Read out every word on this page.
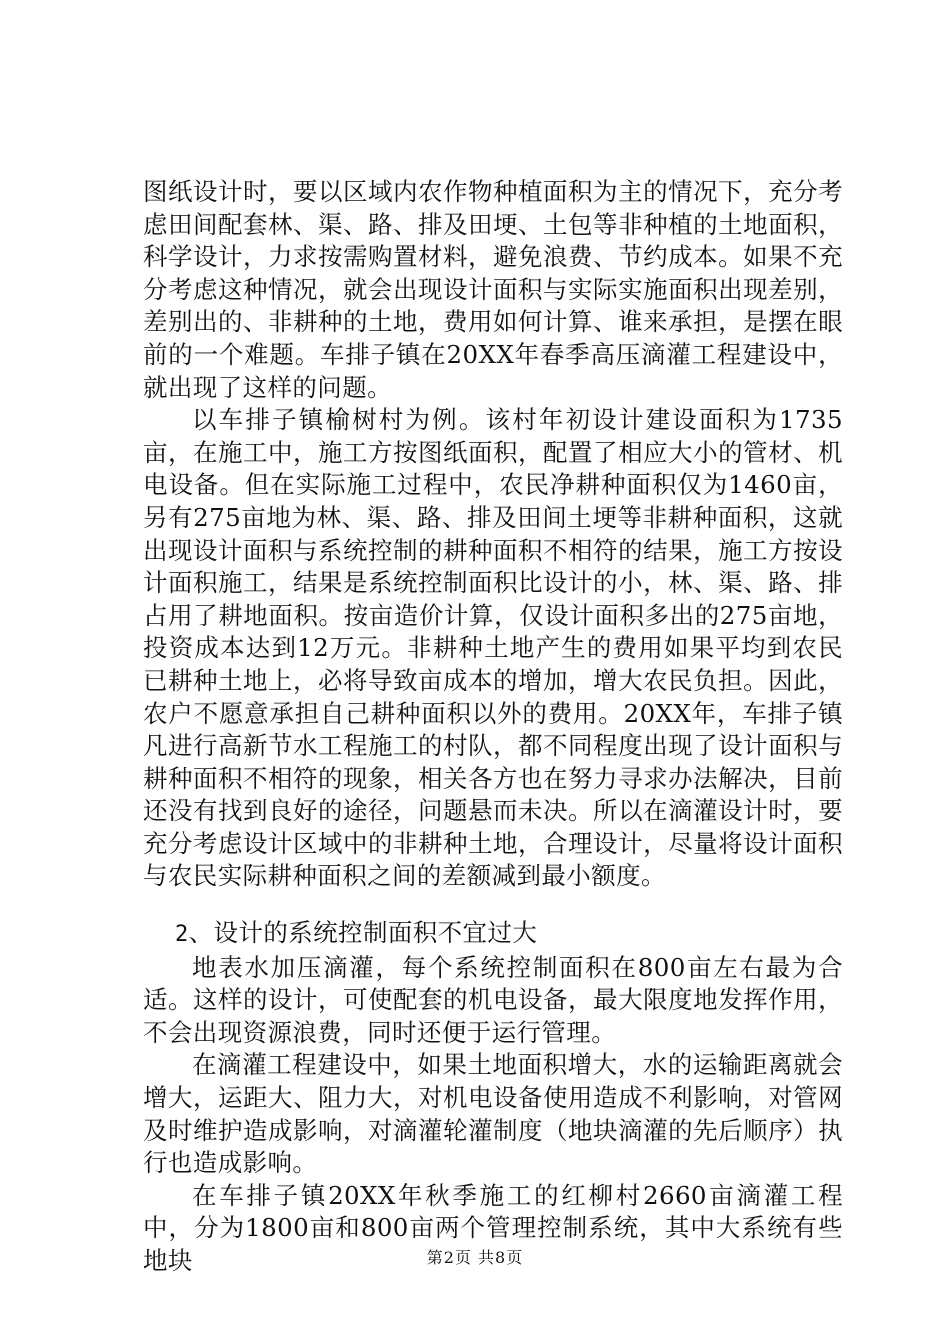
图纸设计时，要以区域内农作物种植面积为主的情况下，充分考虑田间配套林、渠、路、排及田埂、土包等非种植的土地面积，科学设计，力求按需购置材料，避免浪费、节约成本。如果不充分考虑这种情况，就会出现设计面积与实际实施面积出现差别，差别出的、非耕种的土地，费用如何计算、谁来承担，是摆在眼前的一个难题。车排子镇在20XX年春季高压滴灌工程建设中，就出现了这样的问题。

以车排子镇榆树村为例。该村年初设计建设面积为1735亩，在施工中，施工方按图纸面积，配置了相应大小的管材、机电设备。但在实际施工过程中，农民净耕种面积仅为1460亩，另有275亩地为林、渠、路、排及田间土埂等非耕种面积，这就出现设计面积与系统控制的耕种面积不相符的结果，施工方按设计面积施工，结果是系统控制面积比设计的小，林、渠、路、排占用了耕地面积。按亩造价计算，仅设计面积多出的275亩地，投资成本达到12万元。非耕种土地产生的费用如果平均到农民已耕种土地上，必将导致亩成本的增加，增大农民负担。因此，农户不愿意承担自己耕种面积以外的费用。20XX年，车排子镇凡进行高新节水工程施工的村队，都不同程度出现了设计面积与耕种面积不相符的现象，相关各方也在努力寻求办法解决，目前还没有找到良好的途径，问题悬而未决。所以在滴灌设计时，要充分考虑设计区域中的非耕种土地，合理设计，尽量将设计面积与农民实际耕种面积之间的差额减到最小额度。

2、设计的系统控制面积不宜过大

地表水加压滴灌，每个系统控制面积在800亩左右最为合适。这样的设计，可使配套的机电设备，最大限度地发挥作用，不会出现资源浪费，同时还便于运行管理。

在滴灌工程建设中，如果土地面积增大，水的运输距离就会增大，运距大、阻力大，对机电设备使用造成不利影响，对管网及时维护造成影响，对滴灌轮灌制度（地块滴灌的先后顺序）执行也造成影响。

在车排子镇20XX年秋季施工的红柳村2660亩滴灌工程中，分为1800亩和800亩两个管理控制系统，其中大系统有些地块	第2页 共8页
